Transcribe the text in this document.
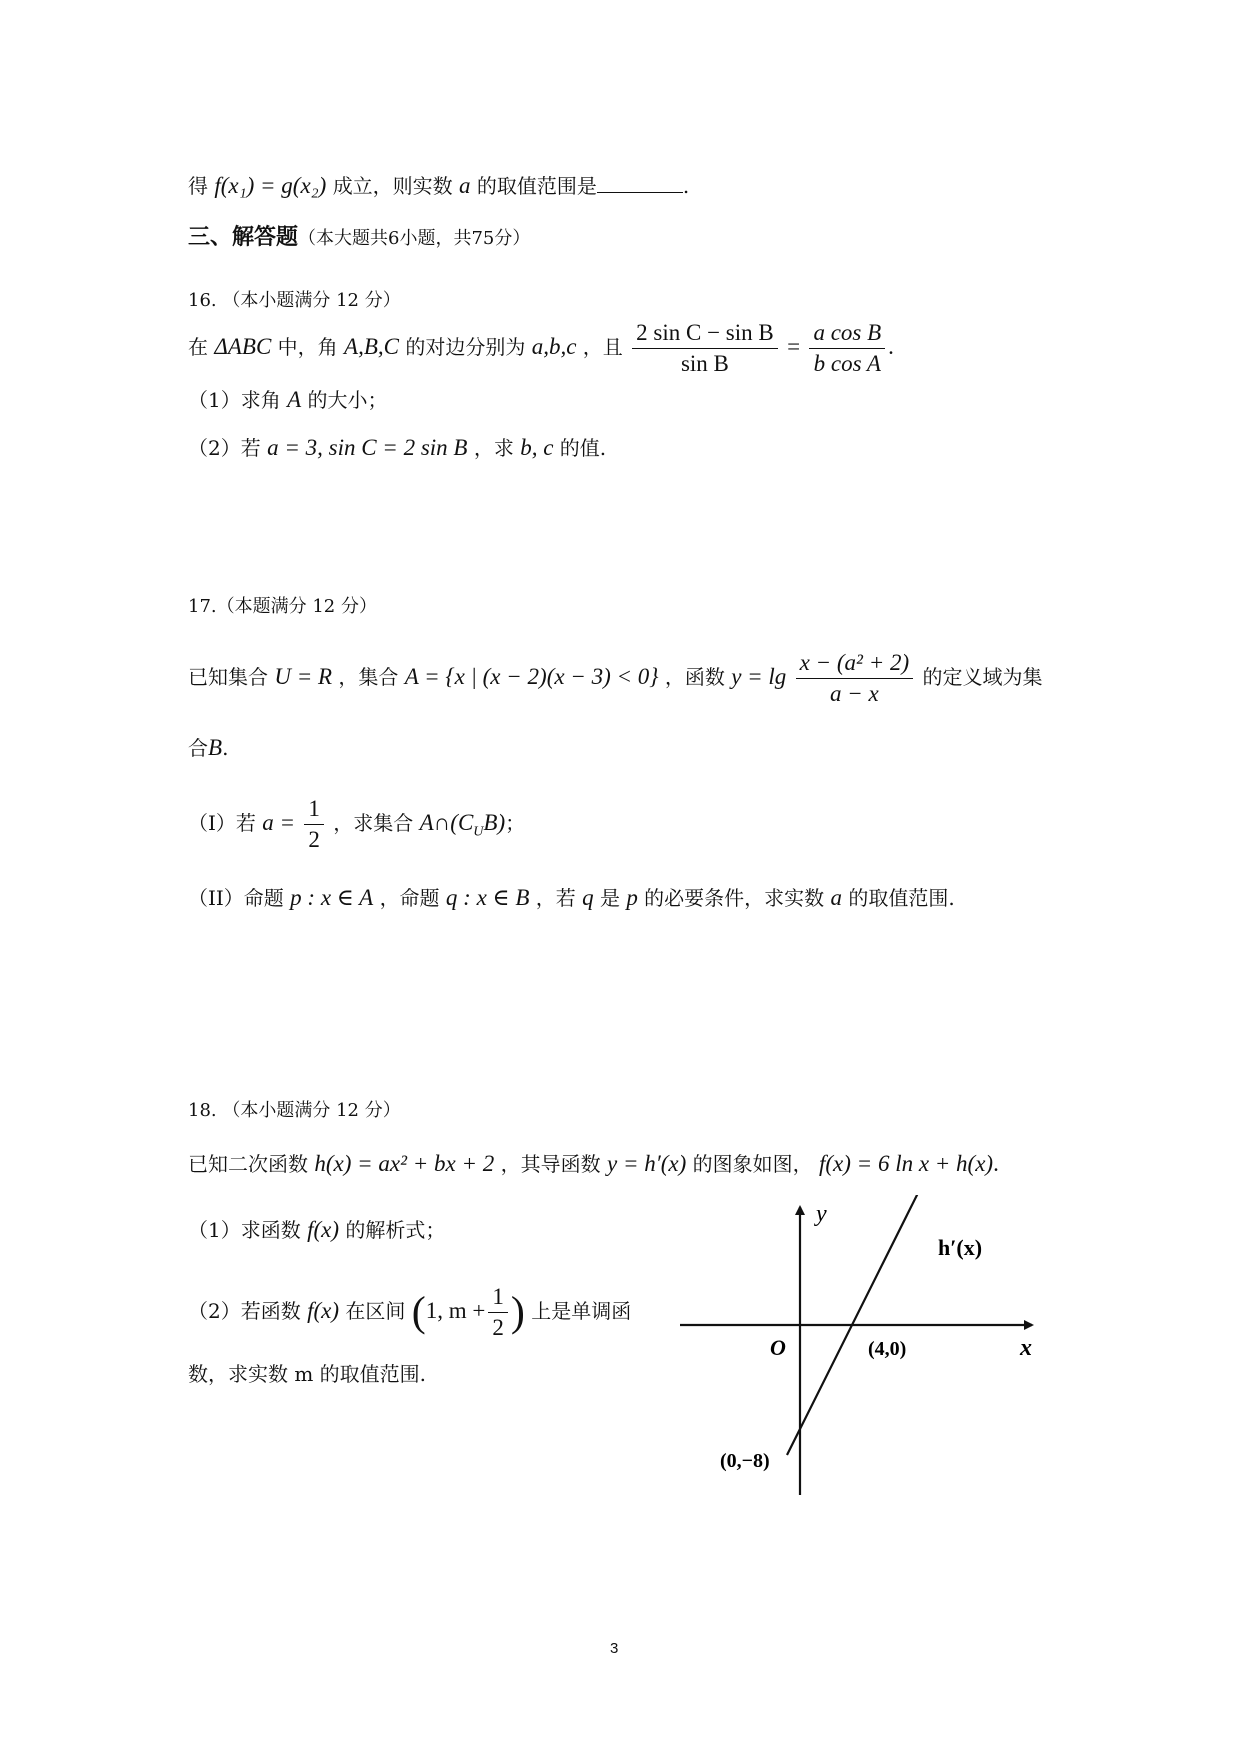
得 f(x₁) = g(x₂) 成立，则实数 a 的取值范围是	.
三、解答题（本大题共6小题，共75分）
16. （本小题满分 12 分）
在 ΔABC 中，角 A,B,C 的对边分别为 a,b,c ，且 $\frac{\text{2 sin C − sin B}}{\text{sin B}} = \frac{\text{a cos B}}{\text{b cos A}}$ .
（1）求角 A 的大小；
（2）若 a = 3, sin C = 2 sin B ，求 b, c 的值.
17.（本题满分 12 分）
已知集合 U = R ，集合 A = {x | (x − 2)(x − 3) < 0} ，函数 $y = \lg \frac{\text{x − (a² + 2)}}{a - x}$ 的定义域为集
合B.
（I）若 $a = \frac{1}{2}$ ，求集合 $A\cap(C_UB)$；
（II）命题 p : x ∈ A ，命题 q : x ∈ B ，若 q 是 p 的必要条件，求实数 a 的取值范围.
18. （本小题满分 12 分）
已知二次函数 h(x) = ax² + bx + 2 ，其导函数 y = h′(x) 的图象如图， f(x) = 6 ln x + h(x).
（1）求函数 f(x) 的解析式；
（2）若函数 f(x) 在区间 (1, $m + \frac{1}{2}$ ) 上是单调函
数，求实数 m 的取值范围.
y
x
O
h′(x)
(4,0)
(0,−8)
3
